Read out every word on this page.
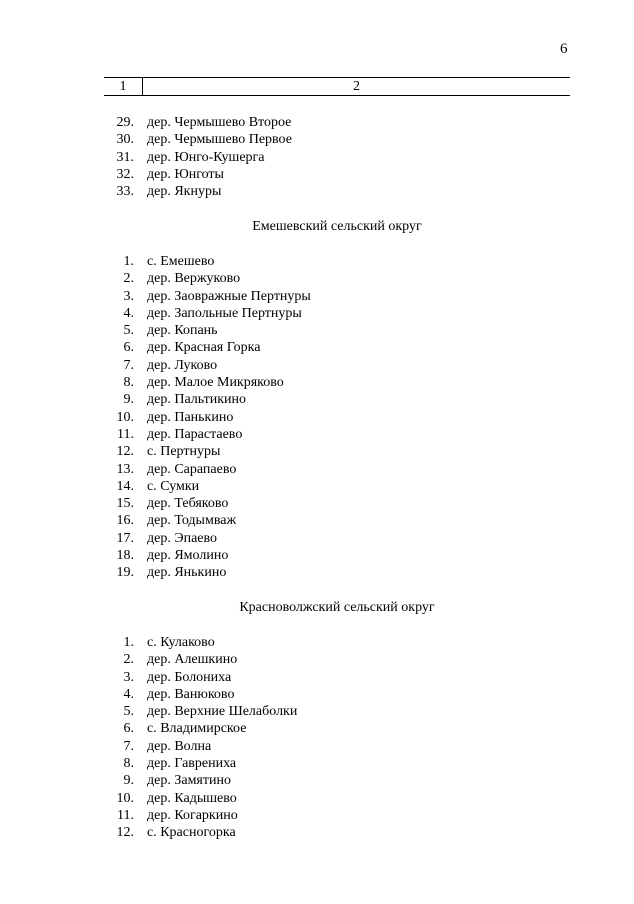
6
1	2
29. дер. Чермышево Второе
30. дер. Чермышево Первое
31. дер. Юнго-Кушерга
32. дер. Юнготы
33. дер. Якнуры
Емешевский сельский округ
1. с. Емешево
2. дер. Вержуково
3. дер. Заовражные Пертнуры
4. дер. Запольные Пертнуры
5. дер. Копань
6. дер. Красная Горка
7. дер. Луково
8. дер. Малое Микряково
9. дер. Пальтикино
10. дер. Панькино
11. дер. Парастаево
12. с. Пертнуры
13. дер. Сарапаево
14. с. Сумки
15. дер. Тебяково
16. дер. Тодымваж
17. дер. Эпаево
18. дер. Ямолино
19. дер. Янькино
Красноволжский сельский округ
1. с. Кулаково
2. дер. Алешкино
3. дер. Болониха
4. дер. Ванюково
5. дер. Верхние Шелаболки
6. с. Владимирское
7. дер. Волна
8. дер. Гаврениха
9. дер. Замятино
10. дер. Кадышево
11. дер. Когаркино
12. с. Красногорка
